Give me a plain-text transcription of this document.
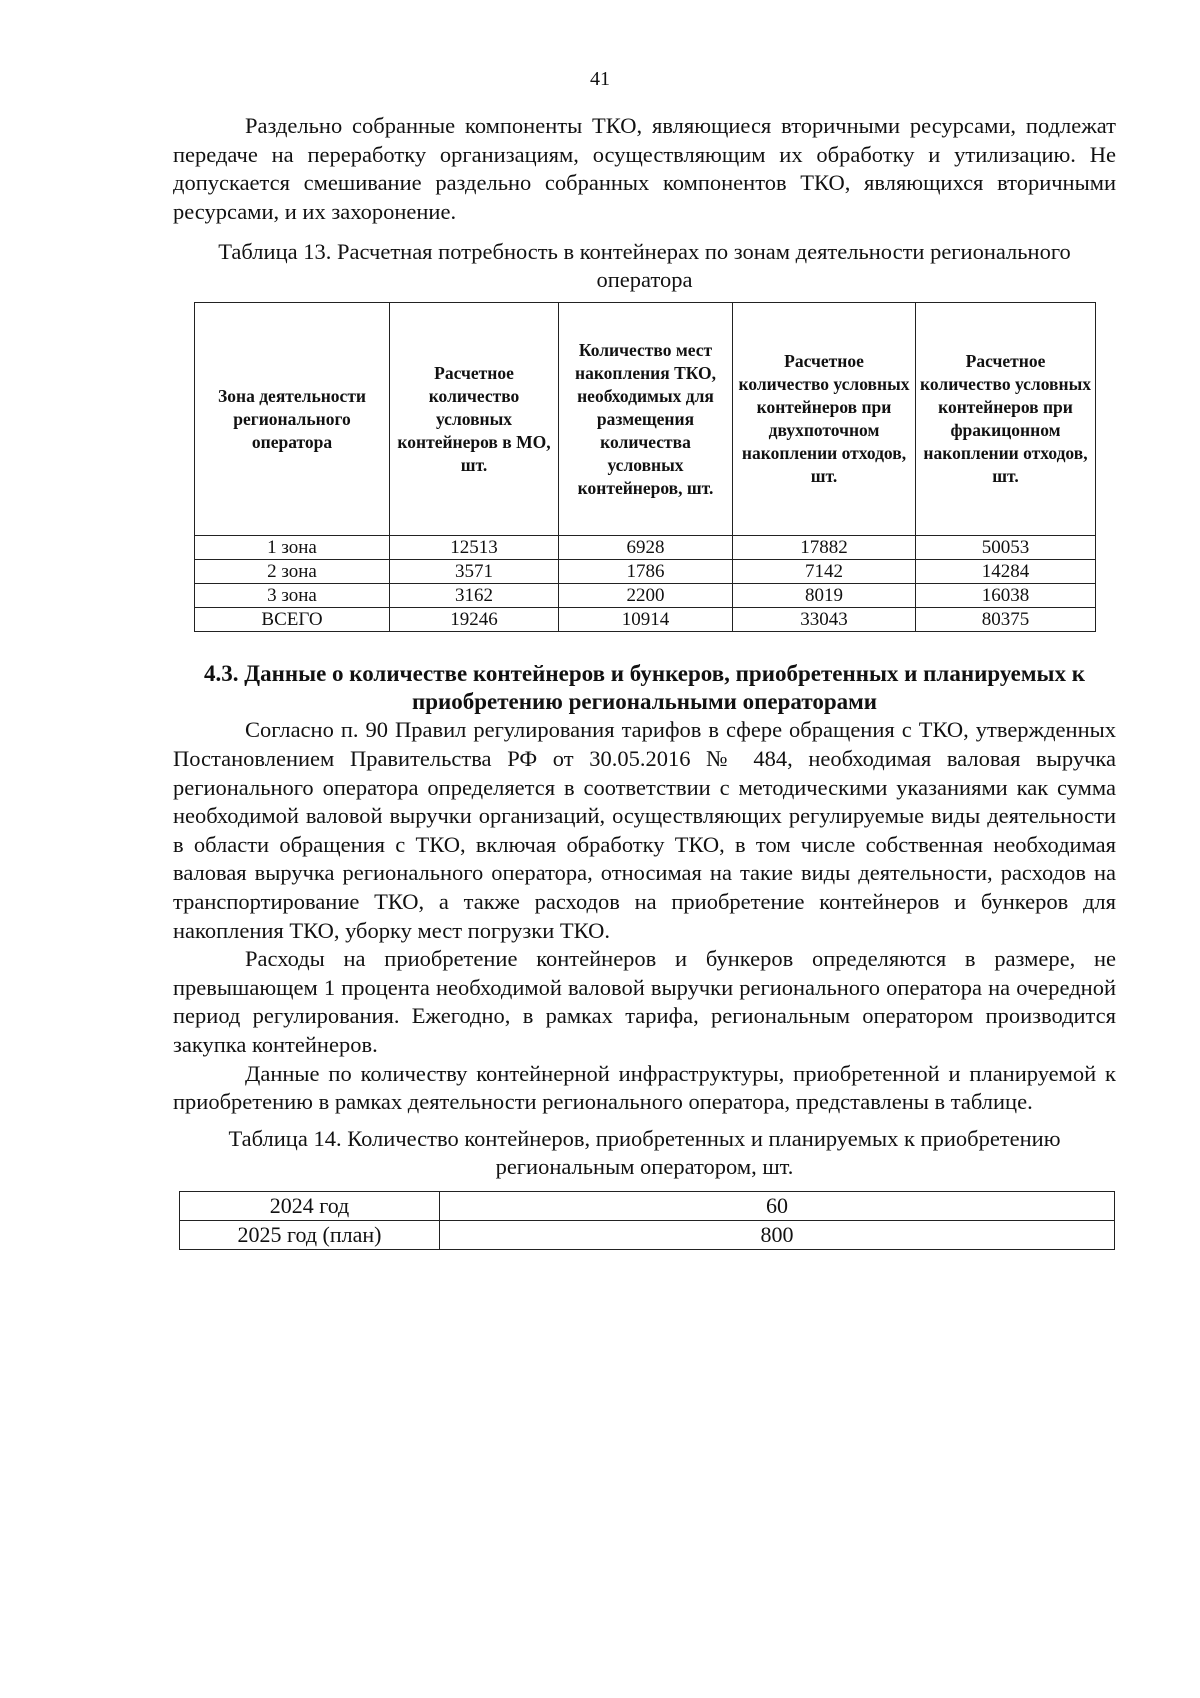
41

Раздельно собранные компоненты ТКО, являющиеся вторичными ресурсами, подлежат передаче на переработку организациям, осуществляющим их обработку и утилизацию. Не допускается смешивание раздельно собранных компонентов ТКО, являющихся вторичными ресурсами, и их захоронение.

Таблица 13. Расчетная потребность в контейнерах по зонам деятельности регионального оператора

Зона деятельности регионального оператора	Расчетное количество условных контейнеров в МО, шт.	Количество мест накопления ТКО, необходимых для размещения количества условных контейнеров, шт.	Расчетное количество условных контейнеров при двухпоточном накоплении отходов, шт.	Расчетное количество условных контейнеров при фракицонном накоплении отходов, шт.
1 зона	12513	6928	17882	50053
2 зона	3571	1786	7142	14284
3 зона	3162	2200	8019	16038
ВСЕГО	19246	10914	33043	80375
4.3. Данные о количестве контейнеров и бункеров, приобретенных и планируемых к приобретению региональными операторами

Согласно п. 90 Правил регулирования тарифов в сфере обращения с ТКО, утвержденных Постановлением Правительства РФ от 30.05.2016 № 484, необходимая валовая выручка регионального оператора определяется в соответствии с методическими указаниями как сумма необходимой валовой выручки организаций, осуществляющих регулируемые виды деятельности в области обращения с ТКО, включая обработку ТКО, в том числе собственная необходимая валовая выручка регионального оператора, относимая на такие виды деятельности, расходов на транспортирование ТКО, а также расходов на приобретение контейнеров и бункеров для накопления ТКО, уборку мест погрузки ТКО.

Расходы на приобретение контейнеров и бункеров определяются в размере, не превышающем 1 процента необходимой валовой выручки регионального оператора на очередной период регулирования. Ежегодно, в рамках тарифа, региональным оператором производится закупка контейнеров.

Данные по количеству контейнерной инфраструктуры, приобретенной и планируемой к приобретению в рамках деятельности регионального оператора, представлены в таблице.

Таблица 14. Количество контейнеров, приобретенных и планируемых к приобретению региональным оператором, шт.

2024 год	60
2025 год (план)	800
